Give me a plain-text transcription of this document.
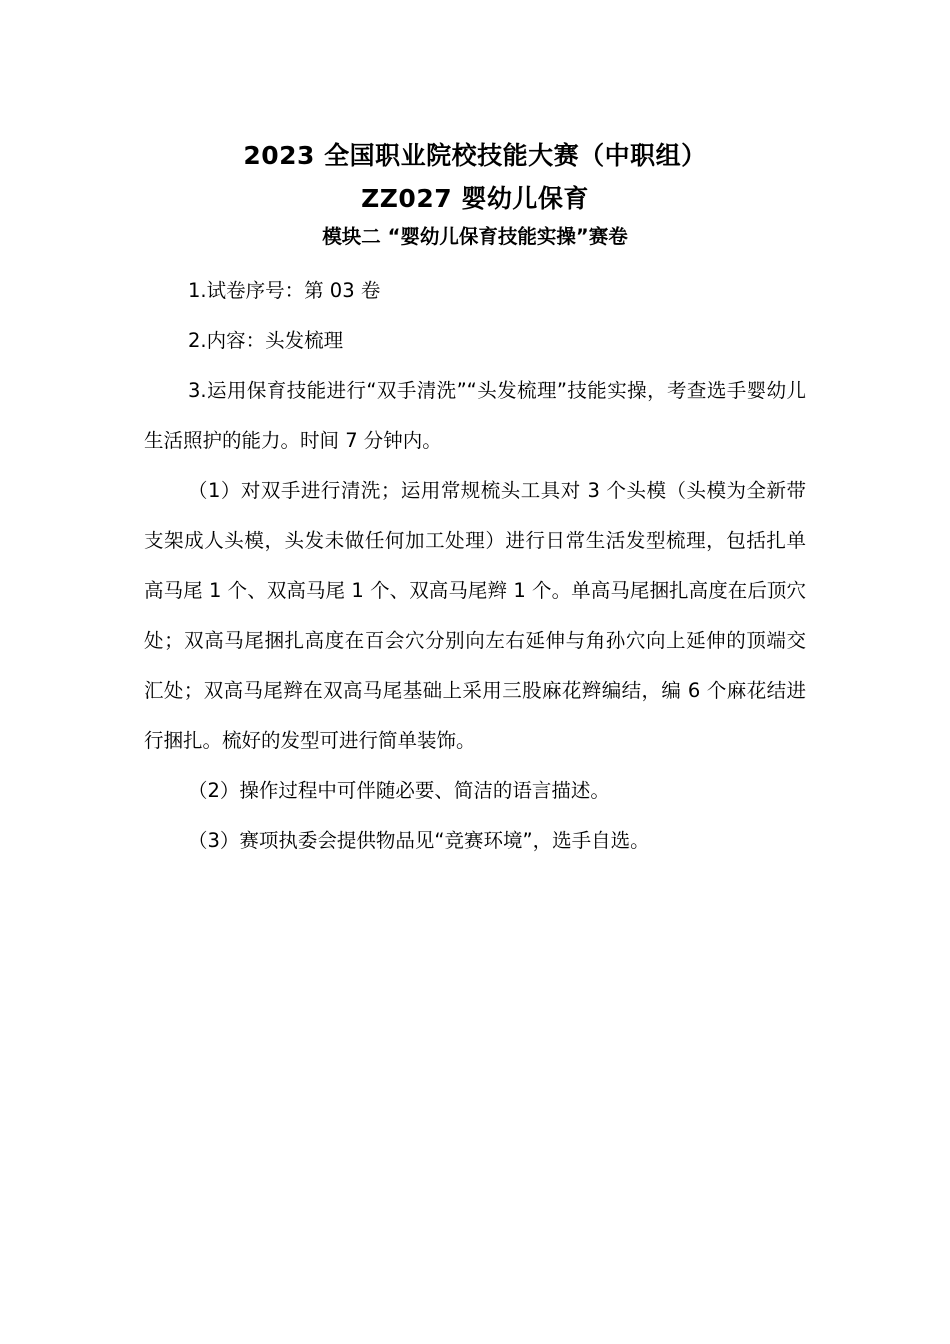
2023 全国职业院校技能大赛（中职组）
ZZ027 婴幼儿保育
模块二 “婴幼儿保育技能实操”赛卷

1.试卷序号：第 03 卷

2.内容：头发梳理

3.运用保育技能进行“双手清洗”“头发梳理”技能实操，考查选手婴幼儿生活照护的能力。时间 7 分钟内。

（1）对双手进行清洗；运用常规梳头工具对 3 个头模（头模为全新带支架成人头模，头发未做任何加工处理）进行日常生活发型梳理，包括扎单高马尾 1 个、双高马尾 1 个、双高马尾辫 1 个。单高马尾捆扎高度在后顶穴处；双高马尾捆扎高度在百会穴分别向左右延伸与角孙穴向上延伸的顶端交汇处；双高马尾辫在双高马尾基础上采用三股麻花辫编结，编 6 个麻花结进行捆扎。梳好的发型可进行简单装饰。

（2）操作过程中可伴随必要、简洁的语言描述。

（3）赛项执委会提供物品见“竞赛环境”，选手自选。
